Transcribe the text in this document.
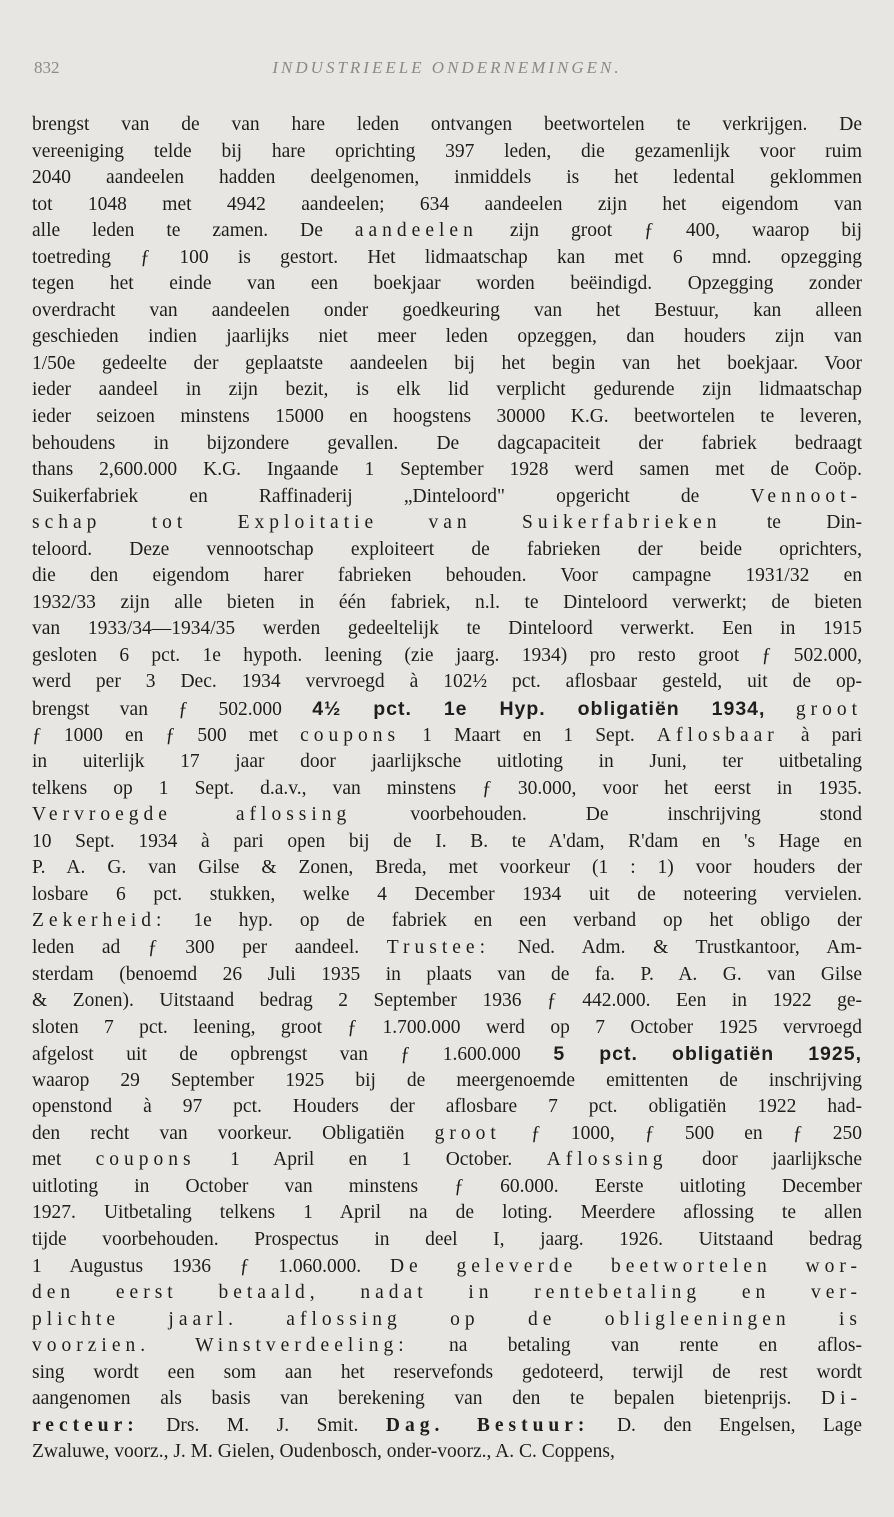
832	INDUSTRIEELE ONDERNEMINGEN.
brengst van de van hare leden ontvangen beetwortelen te verkrijgen. De
vereeniging telde bij hare oprichting 397 leden, die gezamenlijk voor ruim
2040 aandeelen hadden deelgenomen, inmiddels is het ledental geklommen
tot 1048 met 4942 aandeelen; 634 aandeelen zijn het eigendom van
alle leden te zamen. De aandeelen zijn groot ƒ 400, waarop bij
toetreding ƒ 100 is gestort. Het lidmaatschap kan met 6 mnd. opzegging
tegen het einde van een boekjaar worden beëindigd. Opzegging zonder
overdracht van aandeelen onder goedkeuring van het Bestuur, kan alleen
geschieden indien jaarlijks niet meer leden opzeggen, dan houders zijn van
1/50e gedeelte der geplaatste aandeelen bij het begin van het boekjaar. Voor
ieder aandeel in zijn bezit, is elk lid verplicht gedurende zijn lidmaatschap
ieder seizoen minstens 15000 en hoogstens 30000 K.G. beetwortelen te leveren,
behoudens in bijzondere gevallen. De dagcapaciteit der fabriek bedraagt
thans 2,600.000 K.G. Ingaande 1 September 1928 werd samen met de Coöp.
Suikerfabriek en Raffinaderij „Dinteloord" opgericht de Vennoot-
schap tot Exploitatie van Suikerfabrieken te Din-
teloord. Deze vennootschap exploiteert de fabrieken der beide oprichters,
die den eigendom harer fabrieken behouden. Voor campagne 1931/32 en
1932/33 zijn alle bieten in één fabriek, n.l. te Dinteloord verwerkt; de bieten
van 1933/34—1934/35 werden gedeeltelijk te Dinteloord verwerkt. Een in 1915
gesloten 6 pct. 1e hypoth. leening (zie jaarg. 1934) pro resto groot ƒ 502.000,
werd per 3 Dec. 1934 vervroegd à 102½ pct. aflosbaar gesteld, uit de op-
brengst van ƒ 502.000 4½ pct. 1e Hyp. obligatiën 1934, groot
ƒ 1000 en ƒ 500 met coupons 1 Maart en 1 Sept. Aflosbaar à pari
in uiterlijk 17 jaar door jaarlijksche uitloting in Juni, ter uitbetaling
telkens op 1 Sept. d.a.v., van minstens ƒ 30.000, voor het eerst in 1935.
Vervroegde aflossing voorbehouden. De inschrijving stond
10 Sept. 1934 à pari open bij de I. B. te A'dam, R'dam en 's Hage en
P. A. G. van Gilse & Zonen, Breda, met voorkeur (1 : 1) voor houders der
losbare 6 pct. stukken, welke 4 December 1934 uit de noteering vervielen.
Zekerheid: 1e hyp. op de fabriek en een verband op het obligo der
leden ad ƒ 300 per aandeel. Trustee: Ned. Adm. & Trustkantoor, Am-
sterdam (benoemd 26 Juli 1935 in plaats van de fa. P. A. G. van Gilse
& Zonen). Uitstaand bedrag 2 September 1936 ƒ 442.000. Een in 1922 ge-
sloten 7 pct. leening, groot ƒ 1.700.000 werd op 7 October 1925 vervroegd
afgelost uit de opbrengst van ƒ 1.600.000 5 pct. obligatiën 1925,
waarop 29 September 1925 bij de meergenoemde emittenten de inschrijving
openstond à 97 pct. Houders der aflosbare 7 pct. obligatiën 1922 had-
den recht van voorkeur. Obligatiën groot ƒ 1000, ƒ 500 en ƒ 250
met coupons 1 April en 1 October. Aflossing door jaarlijksche
uitloting in October van minstens ƒ 60.000. Eerste uitloting December
1927. Uitbetaling telkens 1 April na de loting. Meerdere aflossing te allen
tijde voorbehouden. Prospectus in deel I, jaarg. 1926. Uitstaand bedrag
1 Augustus 1936 ƒ 1.060.000. De geleverde beetwortelen wor-
den eerst betaald, nadat in rentebetaling en ver-
plichte jaarl. aflossing op de obligleeningen is
voorzien. Winstverdeeling: na betaling van rente en aflos-
sing wordt een som aan het reservefonds gedoteerd, terwijl de rest wordt
aangenomen als basis van berekening van den te bepalen bietenprijs. Di-
recteur: Drs. M. J. Smit. Dag. Bestuur: D. den Engelsen, Lage
Zwaluwe, voorz., J. M. Gielen, Oudenbosch, onder-voorz., A. C. Coppens,
